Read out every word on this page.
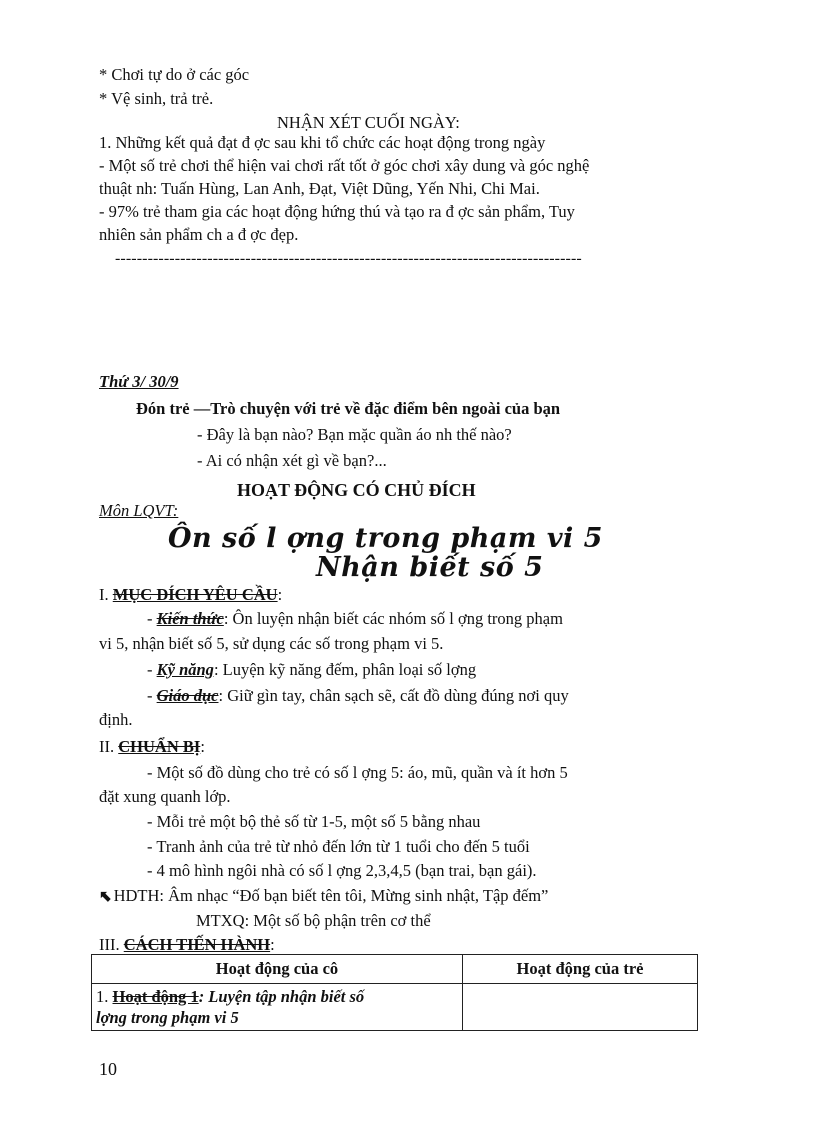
* Chơi tự do ở các góc
* Vệ sinh, trả trẻ.
NHẬN XÉT CUỐI NGÀY:
1. Những kết quả đạt đ ợc sau khi tổ chức các hoạt động trong ngày
- Một số trẻ chơi thể hiện vai chơi rất tốt ở góc chơi xây dung và góc nghệ
thuật nh: Tuấn Hùng, Lan Anh, Đạt, Việt Dũng, Yến Nhi, Chi Mai.
- 97% trẻ tham gia các hoạt động hứng thú và tạo ra đ ợc sản phẩm, Tuy
nhiên sản phẩm ch a đ ợc đẹp.
--------------------------------------------------------------------------------------
Thứ 3/ 30/9
Đón trẻ —Trò chuyện với trẻ về đặc điểm bên ngoài của bạn
- Đây là bạn nào? Bạn mặc quần áo nh thế nào?
- Ai có nhận xét gì về bạn?...
HOẠT ĐỘNG CÓ CHỦ ĐÍCH
Môn LQVT:
Ôn số l ợng trong phạm vi 5
Nhận biết số 5
I. MỤC ĐÍCH YÊU CẦU:
- Kiến thức: Ôn luyện nhận biết các nhóm số l ợng trong phạm
vi 5, nhận biết số 5, sử dụng các số trong phạm vi 5.
- Kỹ năng: Luyện kỹ năng đếm, phân loại số lợng
- Giáo dục: Giữ gìn tay, chân sạch sẽ, cất đồ dùng đúng nơi quy
định.
II. CHUẨN BỊ:
- Một số đồ dùng cho trẻ có số l ợng 5: áo, mũ, quần và ít hơn 5
đặt xung quanh lớp.
- Mỗi trẻ một bộ thẻ số từ 1-5, một số 5 bằng nhau
- Tranh ảnh của trẻ từ nhỏ đến lớn từ 1 tuổi cho đến 5 tuổi
- 4 mô hình ngôi nhà có số l ợng 2,3,4,5 (bạn trai, bạn gái).
⬉ HDTH: Âm nhạc “Đố bạn biết tên tôi, Mừng sinh nhật, Tập đếm”
MTXQ: Một số bộ phận trên cơ thể
III. CÁCH TIẾN HÀNH:
Hoạt động của cô	Hoạt động của trẻ

1. Hoạt động 1: Luyện tập nhận biết số
lợng trong phạm vi 5	

10
